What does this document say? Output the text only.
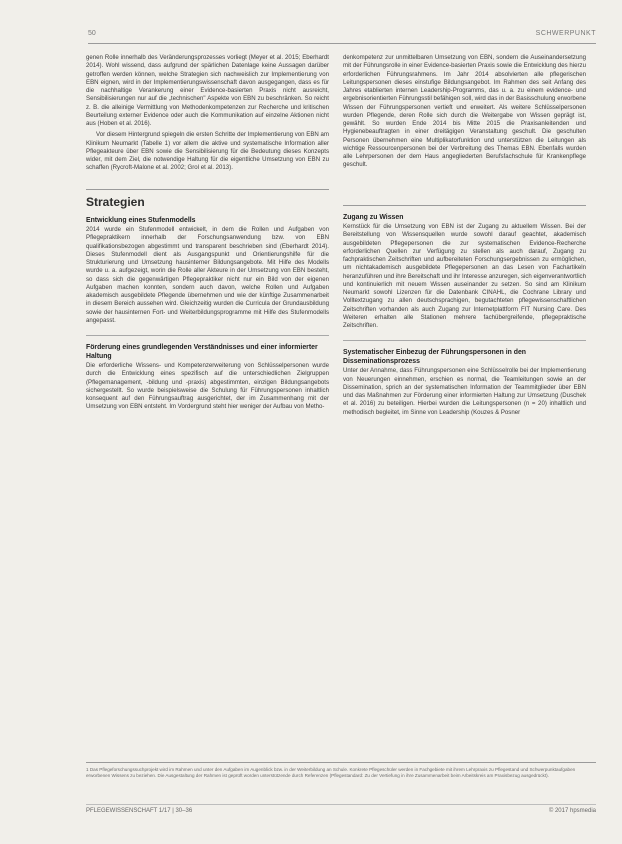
50	SCHWERPUNKT

genen Rolle innerhalb des Veränderungsprozesses vorliegt (Meyer et al. 2015; Eberhardt 2014). Wohl wissend, dass aufgrund der spärlichen Datenlage keine Aussagen darüber getroffen werden können, welche Strategien sich nachweislich zur Implementierung von EBN eignen, wird in der Implementierungswissenschaft davon ausgegangen, dass es für die nachhaltige Verankerung einer Evidence-basierten Praxis nicht ausreicht, Sensibilisierungen nur auf die „technischen" Aspekte von EBN zu beschränken. So reicht z. B. die alleinige Vermittlung von Methodenkompetenzen zur Recherche und kritischen Beurteilung externer Evidence oder auch die Kommunikation auf einzelne Aktionen nicht aus (Hoben et al. 2016).

Vor diesem Hintergrund spiegeln die ersten Schritte der Implementierung von EBN am Klinikum Neumarkt (Tabelle 1) vor allem die aktive und systematische Information aller Pflegeakteure über EBN sowie die Sensibilisierung für die Bedeutung dieses Konzepts wider, mit dem Ziel, die notwendige Haltung für die eigentliche Umsetzung von EBN zu schaffen (Rycroft-Malone et al. 2002; Grol et al. 2013).

Strategien
Entwicklung eines Stufenmodells

2014 wurde ein Stufenmodell entwickelt, in dem die Rollen und Aufgaben von Pflegepraktikern innerhalb der Forschungsanwendung bzw. von EBN qualifikationsbezogen abgestimmt und transparent beschrieben sind (Eberhardt 2014). Dieses Stufenmodell dient als Ausgangspunkt und Orientierungshilfe für die Strukturierung und Umsetzung hausinterner Bildungsangebote. Mit Hilfe des Modells wurde u. a. aufgezeigt, worin die Rolle aller Akteure in der Umsetzung von EBN besteht, so dass sich die gegenwärtigen Pflegepraktiker nicht nur ein Bild von der eigenen Aufgaben machen konnten, sondern auch davon, welche Rollen und Aufgaben akademisch ausgebildete Pflegende übernehmen und wie der künftige Zusammenarbeit in diesem Bereich aussehen wird. Gleichzeitig wurden die Curricula der Grundausbildung sowie der hausinternen Fort- und Weiterbildungsprogramme mit Hilfe des Stufenmodells angepasst.

Förderung eines grundlegenden Verständnisses und einer informierter Haltung

Die erforderliche Wissens- und Kompetenzerweiterung von Schlüsselpersonen wurde durch die Entwicklung eines spezifisch auf die unterschiedlichen Zielgruppen (Pflegemanagement, -bildung und -praxis) abgestimmten, einzigen Bildungsangebots sichergestellt. So wurde beispielsweise die Schulung für Führungspersonen inhaltlich konsequent auf den Führungsauftrag ausgerichtet, der im Zusammenhang mit der Umsetzung von EBN entsteht. Im Vordergrund steht hier weniger der Aufbau von Metho-

denkompetenz zur unmittelbaren Umsetzung von EBN, sondern die Auseinandersetzung mit der Führungsrolle in einer Evidence-basierten Praxis sowie die Entwicklung des hierzu erforderlichen Führungsrahmens. Im Jahr 2014 absolvierten alle pflegerischen Leitungspersonen dieses einstufige Bildungsangebot. Im Rahmen des seit Anfang des Jahres etablierten internen Leadership-Programms, das u. a. zu einem evidence- und ergebnisorientierten Führungsstil befähigen soll, wird das in der Basisschulung erworbene Wissen der Führungspersonen vertieft und erweitert. Als weitere Schlüsselpersonen wurden Pflegende, deren Rolle sich durch die Weitergabe von Wissen geprägt ist, gewählt. So wurden Ende 2014 bis Mitte 2015 die Praxisanleitenden und Hygienebeauftragten in einer dreitägigen Veranstaltung geschult. Die geschulten Personen übernehmen eine Multiplikatorfunktion und unterstützen die Leitungen als wichtige Ressourcenpersonen bei der Verbreitung des Themas EBN. Ebenfalls wurden alle Lehrpersonen der dem Haus angegliederten Berufsfachschule für Krankenpflege geschult.

Zugang zu Wissen

Kernstück für die Umsetzung von EBN ist der Zugang zu aktuellem Wissen. Bei der Bereitstellung von Wissensquellen wurde sowohl darauf geachtet, akademisch ausgebildeten Pflegepersonen die zur systematischen Evidence-Recherche erforderlichen Quellen zur Verfügung zu stellen als auch darauf, Zugang zu fachpraktischen Zeitschriften und aufbereiteten Forschungsergebnissen zu ermöglichen, um nichtakademisch ausgebildete Pflegepersonen an das Lesen von Fachartikeln heranzuführen und ihre Bereitschaft und ihr Interesse anzuregen, sich eigenverantwortlich und kontinuierlich mit neuem Wissen auseinander zu setzen. So sind am Klinikum Neumarkt sowohl Lizenzen für die Datenbank CINAHL, die Cochrane Library und Volltextzugang zu allen deutschsprachigen, begutachteten pflegewissenschaftlichen Zeitschriften vorhanden als auch Zugang zur Internetplattform FIT Nursing Care. Des Weiteren erhalten alle Stationen mehrere fachübergreifende, pflegepraktische Zeitschriften.

Systematischer Einbezug der Führungspersonen in den Disseminationsprozess

Unter der Annahme, dass Führungspersonen eine Schlüsselrolle bei der Implementierung von Neuerungen einnehmen, erschien es normal, die Teamleitungen sowie an der Dissemination, sprich an der systematischen Information der Teammitglieder über EBN und das Maßnahmen zur Förderung einer informierten Haltung zur Umsetzung (Duschek et al. 2016) zu beteiligen. Hierbei wurden die Leitungspersonen (n = 20) inhaltlich und methodisch begleitet, im Sinne von Leadership (Kouzes & Posner

1 Das Pflegeforschungssuchprojekt wird im Rahmen und unter den Aufgaben im Augenblick bzw. in der Weiterbildung an Schule. Konkrete Pflegeschüler werden in Fachgebiete mit ihrem Lehrpraxis zu Pflegestand und Schwerpunktaufgaben erworbenen Wissens zu beziehen. Die Ausgestaltung der Rahmen ist geprüft worden unterstützende durch Referenzen (Pflegestandard: Zu der Vertiefung in ihre Zusammenarbeit beim Arbeitskreis am Praxisbezug ausgedrückt).

PFLEGEWISSENSCHAFT 1/17 | 30–36	© 2017 hpsmedia
